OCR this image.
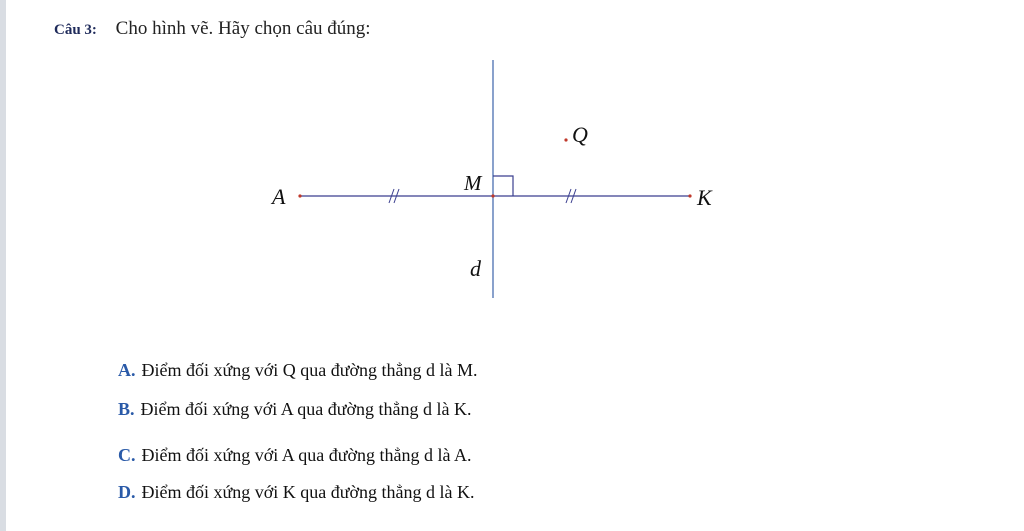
Câu 3: Cho hình vẽ. Hãy chọn câu đúng:
Q
M
A	K
d
A. Điểm đối xứng với Q qua đường thẳng d là M.
B. Điểm đối xứng với A qua đường thẳng d là K.
C. Điểm đối xứng với A qua đường thẳng d là A.
D. Điểm đối xứng với K qua đường thẳng d là K.
